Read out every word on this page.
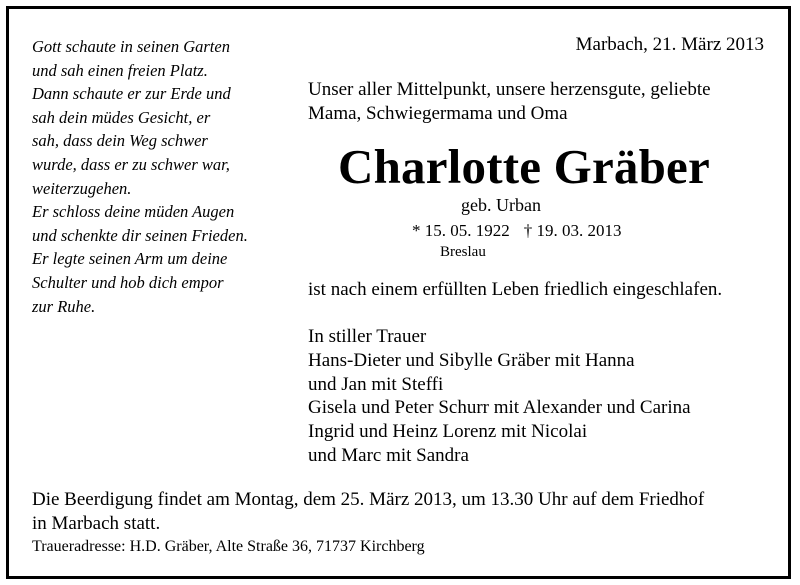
Gott schaute in seinen Garten
und sah einen freien Platz.
Dann schaute er zur Erde und
sah dein müdes Gesicht, er
sah, dass dein Weg schwer
wurde, dass er zu schwer war,
weiterzugehen.
Er schloss deine müden Augen
und schenkte dir seinen Frieden.
Er legte seinen Arm um deine
Schulter und hob dich empor
zur Ruhe.
Marbach, 21. März 2013
Unser aller Mittelpunkt, unsere herzensgute, geliebte
Mama, Schwiegermama und Oma
Charlotte Gräber
geb. Urban
* 15. 05. 1922 † 19. 03. 2013
Breslau
ist nach einem erfüllten Leben friedlich eingeschlafen.
In stiller Trauer
Hans-Dieter und Sibylle Gräber mit Hanna
und Jan mit Steffi
Gisela und Peter Schurr mit Alexander und Carina
Ingrid und Heinz Lorenz mit Nicolai
und Marc mit Sandra
Die Beerdigung findet am Montag, dem 25. März 2013, um 13.30 Uhr auf dem Friedhof
in Marbach statt.
Traueradresse: H.D. Gräber, Alte Straße 36, 71737 Kirchberg
